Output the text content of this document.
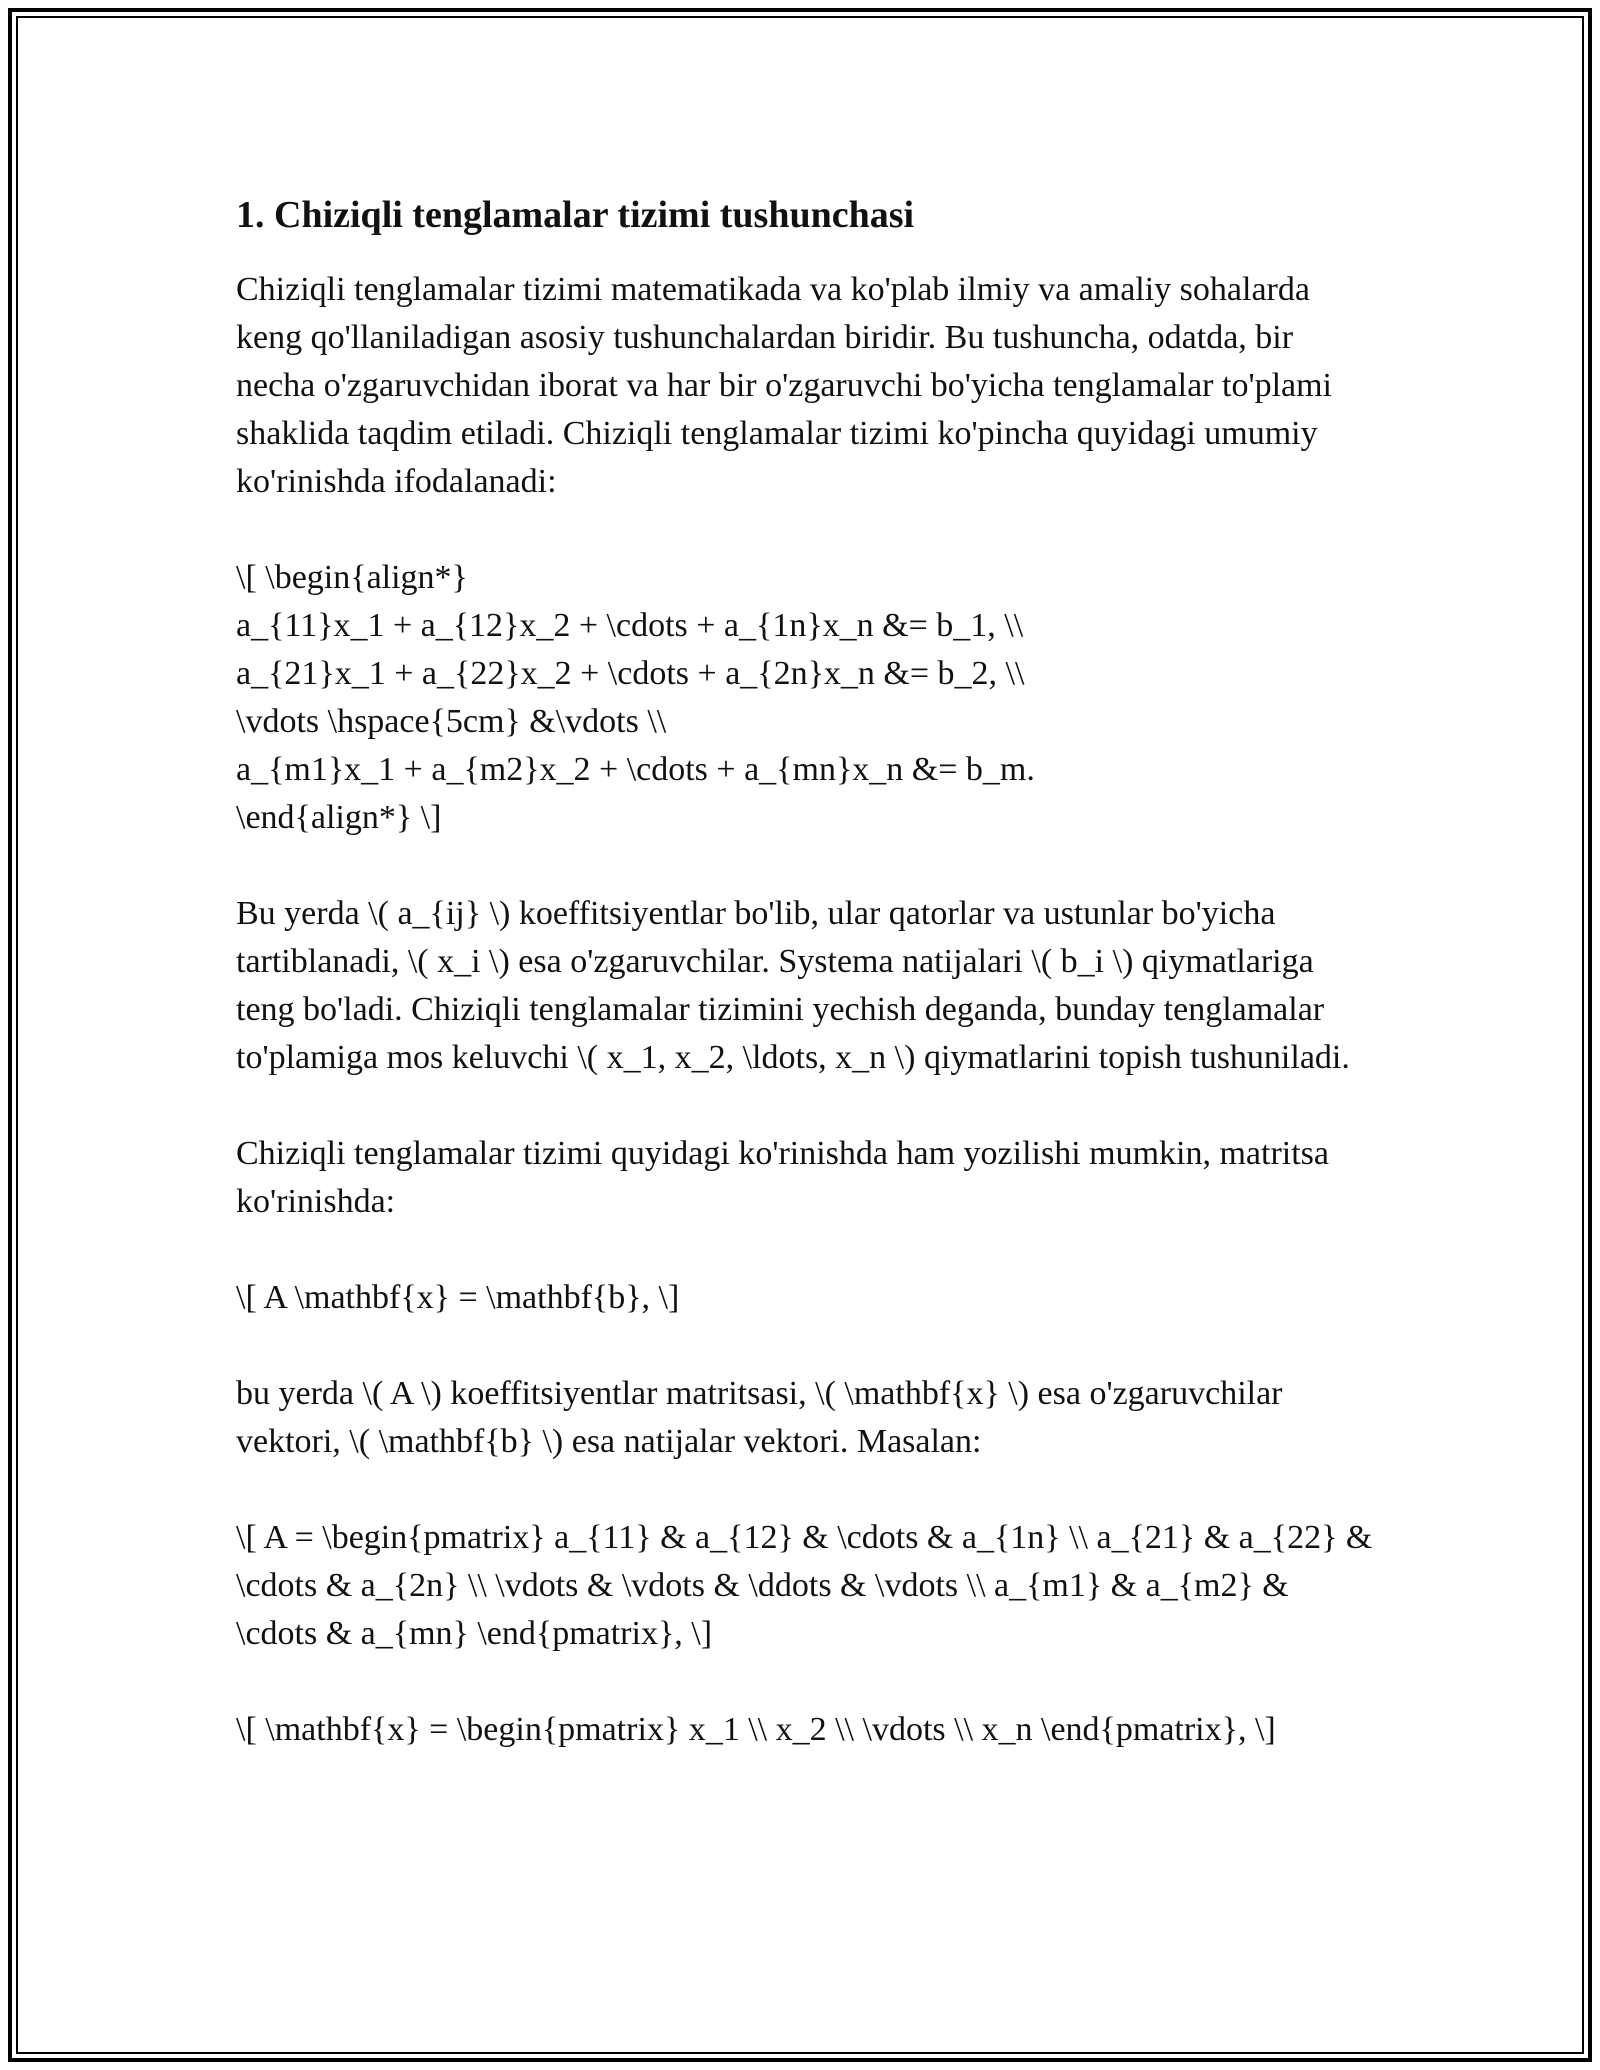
1. Chiziqli tenglamalar tizimi tushunchasi

Chiziqli tenglamalar tizimi matematikada va ko'plab ilmiy va amaliy sohalarda keng qo'llaniladigan asosiy tushunchalardan biridir. Bu tushuncha, odatda, bir necha o'zgaruvchidan iborat va har bir o'zgaruvchi bo'yicha tenglamalar to'plami shaklida taqdim etiladi. Chiziqli tenglamalar tizimi ko'pincha quyidagi umumiy ko'rinishda ifodalanadi:

\[ \begin{align*}
a_{11}x_1 + a_{12}x_2 + \cdots + a_{1n}x_n &= b_1, \\
a_{21}x_1 + a_{22}x_2 + \cdots + a_{2n}x_n &= b_2, \\
\vdots \hspace{5cm} &\vdots \\
a_{m1}x_1 + a_{m2}x_2 + \cdots + a_{mn}x_n &= b_m.
\end{align*} \]

Bu yerda \( a_{ij} \) koeffitsiyentlar bo'lib, ular qatorlar va ustunlar bo'yicha tartiblanadi, \( x_i \) esa o'zgaruvchilar. Systema natijalari \( b_i \) qiymatlariga teng bo'ladi. Chiziqli tenglamalar tizimini yechish deganda, bunday tenglamalar to'plamiga mos keluvchi \( x_1, x_2, \ldots, x_n \) qiymatlarini topish tushuniladi.

Chiziqli tenglamalar tizimi quyidagi ko'rinishda ham yozilishi mumkin, matritsa ko'rinishda:

\[ A \mathbf{x} = \mathbf{b}, \]

bu yerda \( A \) koeffitsiyentlar matritsasi, \( \mathbf{x} \) esa o'zgaruvchilar vektori, \( \mathbf{b} \) esa natijalar vektori. Masalan:

\[ A = \begin{pmatrix} a_{11} & a_{12} & \cdots & a_{1n} \\ a_{21} & a_{22} & \cdots & a_{2n} \\ \vdots & \vdots & \ddots & \vdots \\ a_{m1} & a_{m2} & \cdots & a_{mn} \end{pmatrix}, \]

\[ \mathbf{x} = \begin{pmatrix} x_1 \\ x_2 \\ \vdots \\ x_n \end{pmatrix}, \]
